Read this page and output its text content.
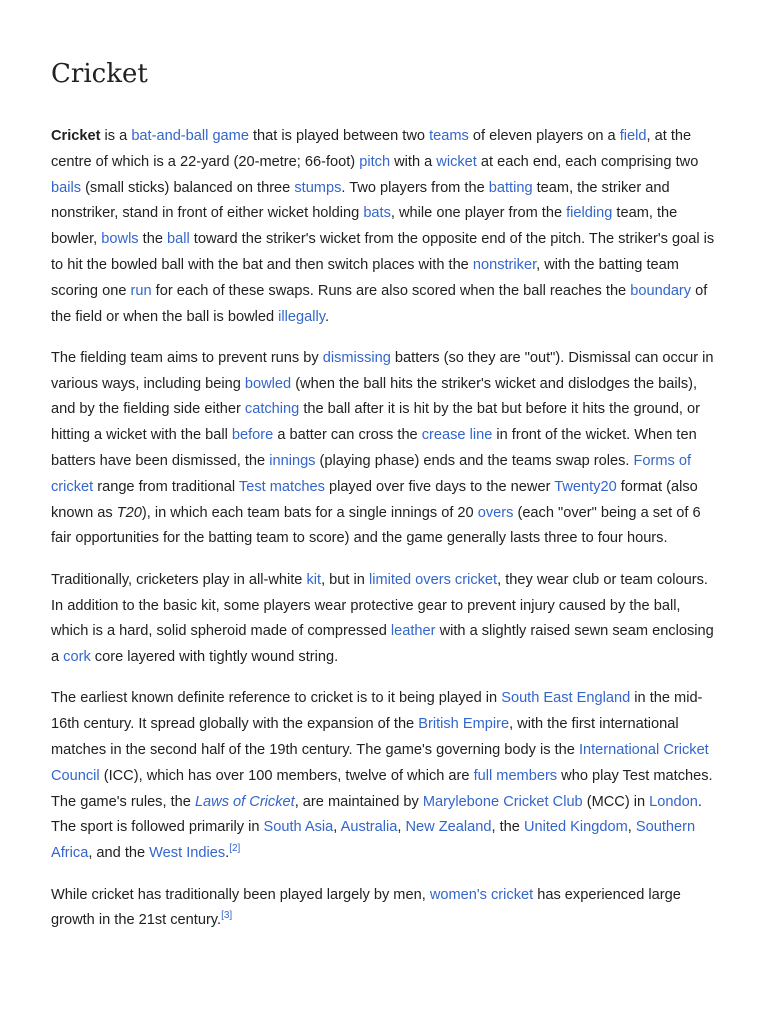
Cricket

Cricket is a bat-and-ball game that is played between two teams of eleven players on a field, at the centre of which is a 22-yard (20-metre; 66-foot) pitch with a wicket at each end, each comprising two bails (small sticks) balanced on three stumps. Two players from the batting team, the striker and nonstriker, stand in front of either wicket holding bats, while one player from the fielding team, the bowler, bowls the ball toward the striker's wicket from the opposite end of the pitch. The striker's goal is to hit the bowled ball with the bat and then switch places with the nonstriker, with the batting team scoring one run for each of these swaps. Runs are also scored when the ball reaches the boundary of the field or when the ball is bowled illegally.

The fielding team aims to prevent runs by dismissing batters (so they are "out"). Dismissal can occur in various ways, including being bowled (when the ball hits the striker's wicket and dislodges the bails), and by the fielding side either catching the ball after it is hit by the bat but before it hits the ground, or hitting a wicket with the ball before a batter can cross the crease line in front of the wicket. When ten batters have been dismissed, the innings (playing phase) ends and the teams swap roles. Forms of cricket range from traditional Test matches played over five days to the newer Twenty20 format (also known as T20), in which each team bats for a single innings of 20 overs (each "over" being a set of 6 fair opportunities for the batting team to score) and the game generally lasts three to four hours.

Traditionally, cricketers play in all-white kit, but in limited overs cricket, they wear club or team colours. In addition to the basic kit, some players wear protective gear to prevent injury caused by the ball, which is a hard, solid spheroid made of compressed leather with a slightly raised sewn seam enclosing a cork core layered with tightly wound string.

The earliest known definite reference to cricket is to it being played in South East England in the mid-16th century. It spread globally with the expansion of the British Empire, with the first international matches in the second half of the 19th century. The game's governing body is the International Cricket Council (ICC), which has over 100 members, twelve of which are full members who play Test matches. The game's rules, the Laws of Cricket, are maintained by Marylebone Cricket Club (MCC) in London. The sport is followed primarily in South Asia, Australia, New Zealand, the United Kingdom, Southern Africa, and the West Indies.[2]

While cricket has traditionally been played largely by men, women's cricket has experienced large growth in the 21st century.[3]
